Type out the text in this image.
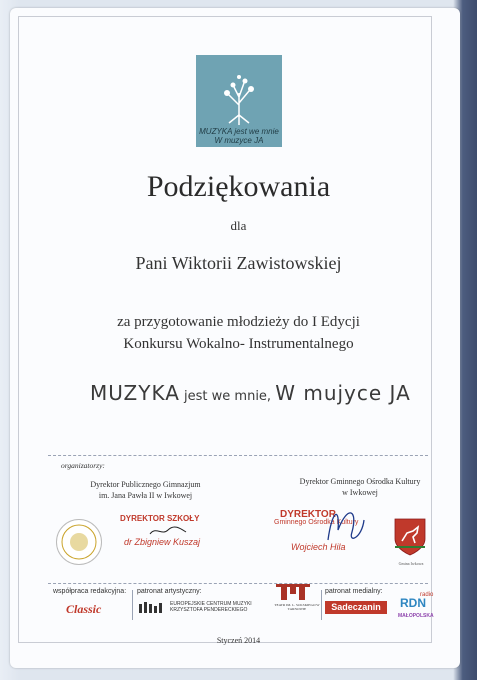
MUZYKA jest we mnie W muzyce JA
Podziękowania
dla
Pani Wiktorii Zawistowskiej
za przygotowanie młodzieży do I Edycji
Konkursu Wokalno- Instrumentalnego
MUZYKA jest we mnie, W mujyce JA
organizatorzy:
Dyrektor Publicznego Gimnazjum
im. Jana Pawła II w Iwkowej
Dyrektor Gminnego Ośrodka Kultury
w Iwkowej
DYREKTOR SZKOŁY
dr Zbigniew Kuszaj
DYREKTOR
Gminnego Ośrodka Kultury
Wojciech Hila
Gmina Iwkowa
współpraca redakcyjna:
Classic
patronat artystyczny:
EUROPEJSKIE CENTRUM MUZYKI KRZYSZTOFA PENDERECKIEGO
TEATR IM. L. SOLSKIEGO W TARNOWIE
patronat medialny:
Sadeczanin
radio
RDN
MAŁOPOLSKA
Styczeń 2014
